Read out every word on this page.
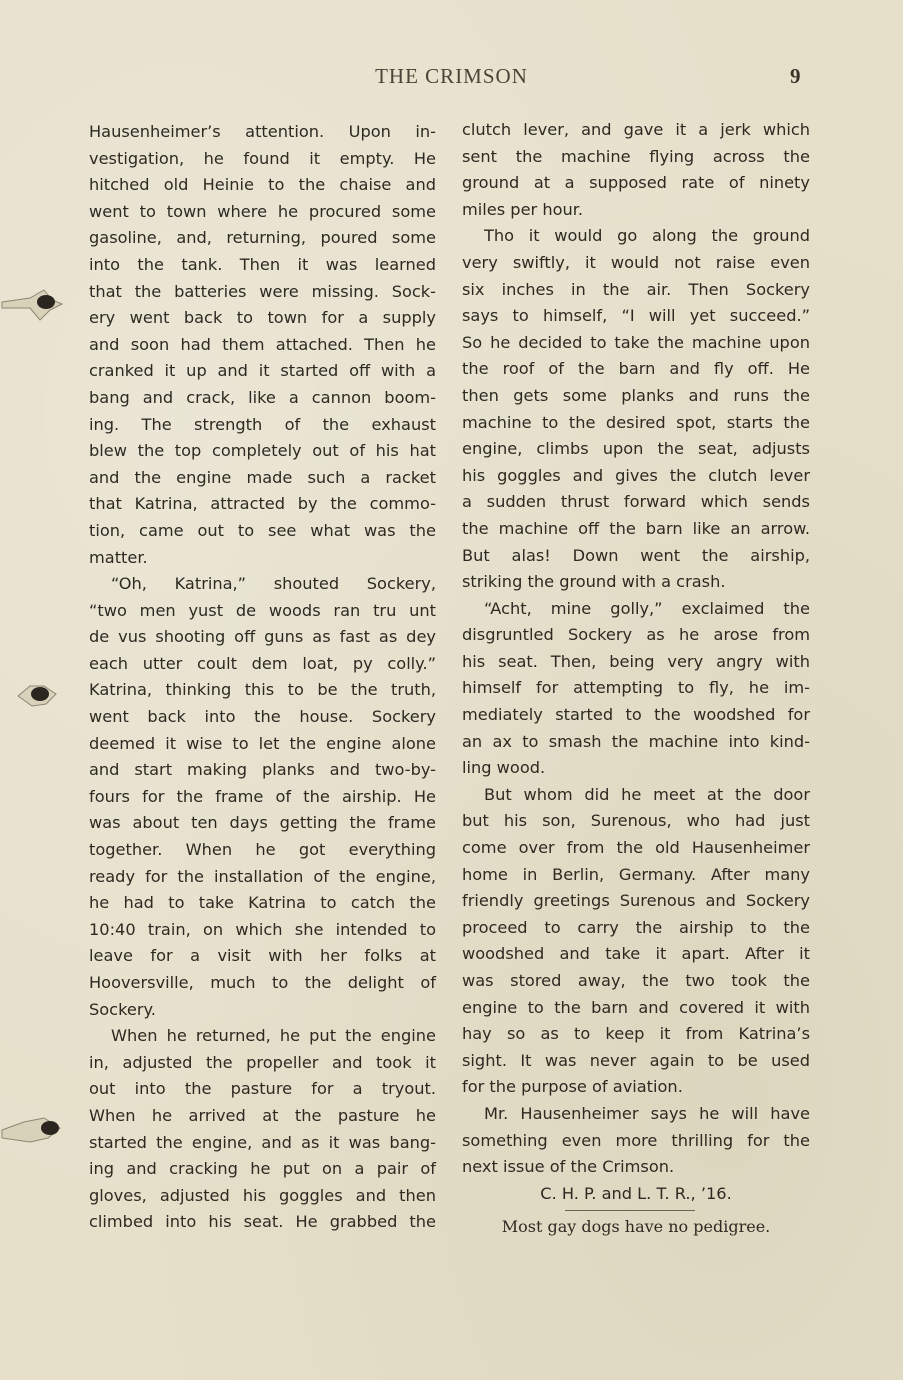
THE CRIMSON	9
Hausenheimer’s attention. Upon in-
vestigation, he found it empty. He
hitched old Heinie to the chaise and
went to town where he procured some
gasoline, and, returning, poured some
into the tank. Then it was learned
that the batteries were missing. Sock-
ery went back to town for a supply
and soon had them attached. Then he
cranked it up and it started off with a
bang and crack, like a cannon boom-
ing. The strength of the exhaust
blew the top completely out of his hat
and the engine made such a racket
that Katrina, attracted by the commo-
tion, came out to see what was the
matter.
“Oh, Katrina,” shouted Sockery,
“two men yust de woods ran tru unt
de vus shooting off guns as fast as dey
each utter coult dem loat, py colly.”
Katrina, thinking this to be the truth,
went back into the house. Sockery
deemed it wise to let the engine alone
and start making planks and two-by-
fours for the frame of the airship. He
was about ten days getting the frame
together. When he got everything
ready for the installation of the engine,
he had to take Katrina to catch the
10:40 train, on which she intended to
leave for a visit with her folks at
Hooversville, much to the delight of
Sockery.
When he returned, he put the engine
in, adjusted the propeller and took it
out into the pasture for a tryout.
When he arrived at the pasture he
started the engine, and as it was bang-
ing and cracking he put on a pair of
gloves, adjusted his goggles and then
climbed into his seat. He grabbed the
clutch lever, and gave it a jerk which
sent the machine flying across the
ground at a supposed rate of ninety
miles per hour.
Tho it would go along the ground
very swiftly, it would not raise even
six inches in the air. Then Sockery
says to himself, “I will yet succeed.”
So he decided to take the machine upon
the roof of the barn and fly off. He
then gets some planks and runs the
machine to the desired spot, starts the
engine, climbs upon the seat, adjusts
his goggles and gives the clutch lever
a sudden thrust forward which sends
the machine off the barn like an arrow.
But alas! Down went the airship,
striking the ground with a crash.
“Acht, mine golly,” exclaimed the
disgruntled Sockery as he arose from
his seat. Then, being very angry with
himself for attempting to fly, he im-
mediately started to the woodshed for
an ax to smash the machine into kind-
ling wood.
But whom did he meet at the door
but his son, Surenous, who had just
come over from the old Hausenheimer
home in Berlin, Germany. After many
friendly greetings Surenous and Sockery
proceed to carry the airship to the
woodshed and take it apart. After it
was stored away, the two took the
engine to the barn and covered it with
hay so as to keep it from Katrina’s
sight. It was never again to be used
for the purpose of aviation.
Mr. Hausenheimer says he will have
something even more thrilling for the
next issue of the Crimson.
C. H. P. and L. T. R., ’16.
Most gay dogs have no pedigree.
